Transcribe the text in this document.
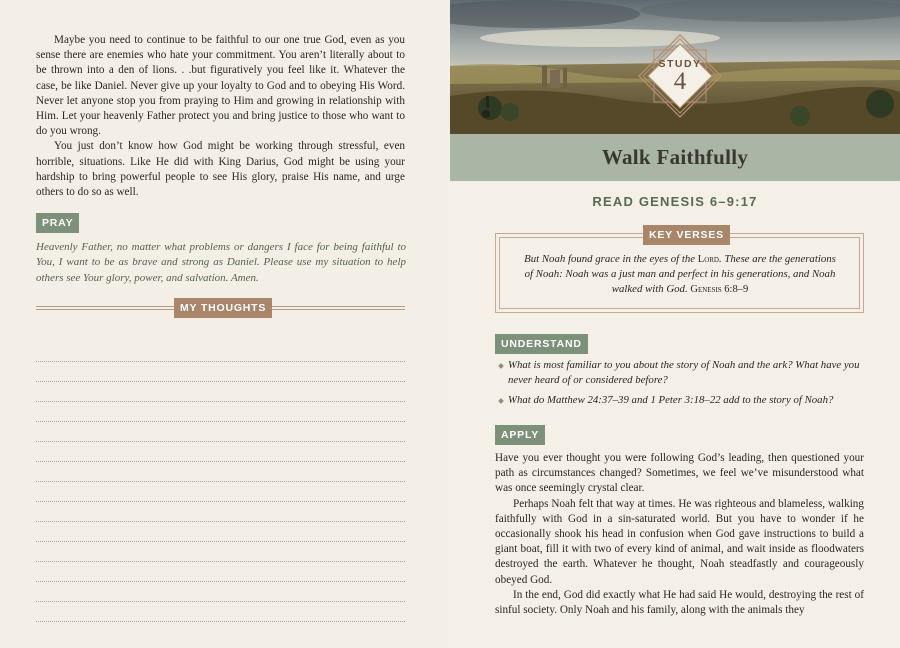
Maybe you need to continue to be faithful to our one true God, even as you sense there are enemies who hate your commitment. You aren’t literally about to be thrown into a den of lions. . .but figuratively you feel like it. Whatever the case, be like Daniel. Never give up your loyalty to God and to obeying His Word. Never let anyone stop you from praying to Him and growing in relationship with Him. Let your heavenly Father protect you and bring justice to those who want to do you wrong.

You just don’t know how God might be working through stressful, even horrible, situations. Like He did with King Darius, God might be using your hardship to bring powerful people to see His glory, praise His name, and urge others to do so as well.

PRAY

Heavenly Father, no matter what problems or dangers I face for being faithful to You, I want to be as brave and strong as Daniel. Please use my situation to help others see Your glory, power, and salvation. Amen.

MY THOUGHTS
STUDY
4
Walk Faithfully
READ GENESIS 6–9:17
KEY VERSES

But Noah found grace in the eyes of the Lord. These are the generations of Noah: Noah was a just man and perfect in his generations, and Noah walked with God. Genesis 6:8–9

UNDERSTAND
What is most familiar to you about the story of Noah and the ark? What have you never heard of or considered before?
What do Matthew 24:37–39 and 1 Peter 3:18–22 add to the story of Noah?
APPLY

Have you ever thought you were following God’s leading, then questioned your path as circumstances changed? Sometimes, we feel we’ve misunderstood what was once seemingly crystal clear.

Perhaps Noah felt that way at times. He was righteous and blameless, walking faithfully with God in a sin-saturated world. But you have to wonder if he occasionally shook his head in confusion when God gave instructions to build a giant boat, fill it with two of every kind of animal, and wait inside as floodwaters destroyed the earth. Whatever he thought, Noah steadfastly and courageously obeyed God.

In the end, God did exactly what He had said He would, destroying the rest of sinful society. Only Noah and his family, along with the animals they
